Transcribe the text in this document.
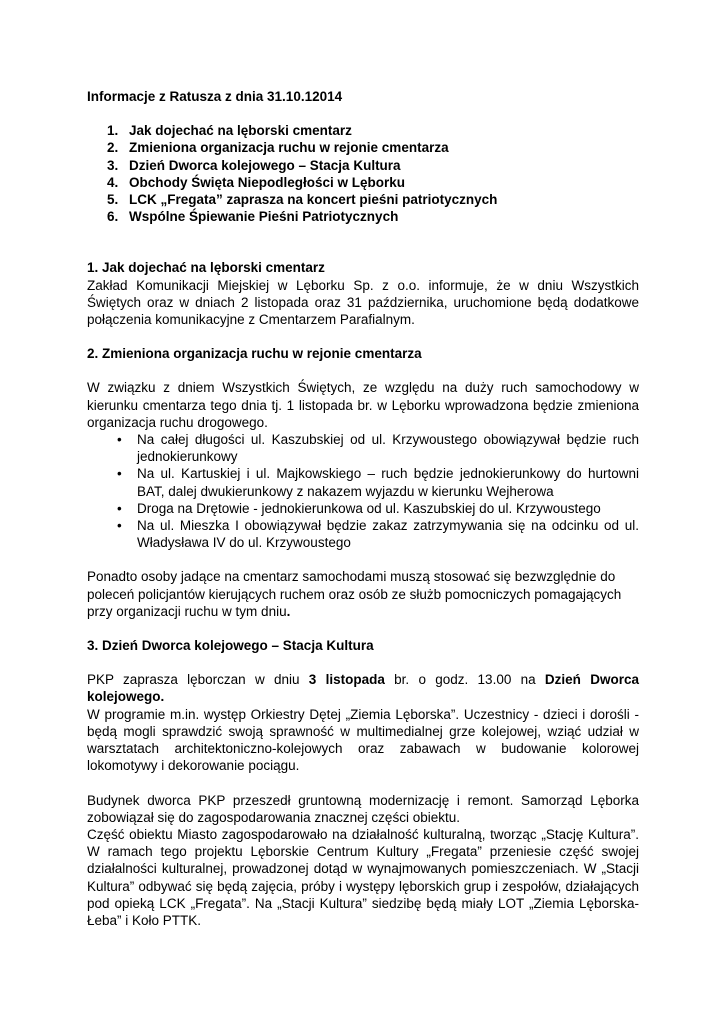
Informacje z Ratusza z dnia 31.10.12014

1. Jak dojechać na lęborski cmentarz
2. Zmieniona organizacja ruchu w rejonie cmentarza
3. Dzień Dworca kolejowego – Stacja Kultura
4. Obchody Święta Niepodległości w Lęborku
5. LCK „Fregata” zaprasza na koncert pieśni patriotycznych
6. Wspólne Śpiewanie Pieśni Patriotycznych

1. Jak dojechać na lęborski cmentarz

Zakład Komunikacji Miejskiej w Lęborku Sp. z o.o. informuje, że w dniu Wszystkich Świętych oraz w dniach 2 listopada oraz 31 października, uruchomione będą dodatkowe połączenia komunikacyjne z Cmentarzem Parafialnym.

2. Zmieniona organizacja ruchu w rejonie cmentarza

W związku z dniem Wszystkich Świętych, ze względu na duży ruch samochodowy w kierunku cmentarza tego dnia tj. 1 listopada br. w Lęborku wprowadzona będzie zmieniona organizacja ruchu drogowego.

• Na całej długości ul. Kaszubskiej od ul. Krzywoustego obowiązywał będzie ruch jednokierunkowy
• Na ul. Kartuskiej i ul. Majkowskiego – ruch będzie jednokierunkowy do hurtowni BAT, dalej dwukierunkowy z nakazem wyjazdu w kierunku Wejherowa
• Droga na Drętowie - jednokierunkowa od ul. Kaszubskiej do ul. Krzywoustego
• Na ul. Mieszka I obowiązywał będzie zakaz zatrzymywania się na odcinku od ul. Władysława IV do ul. Krzywoustego

Ponadto osoby jadące na cmentarz samochodami muszą stosować się bezwzględnie do poleceń policjantów kierujących ruchem oraz osób ze służb pomocniczych pomagających przy organizacji ruchu w tym dniu.

3. Dzień Dworca kolejowego – Stacja Kultura

PKP zaprasza lęborczan w dniu 3 listopada br. o godz. 13.00 na Dzień Dworca kolejowego.

W programie m.in. występ Orkiestry Dętej „Ziemia Lęborska”. Uczestnicy - dzieci i dorośli - będą mogli sprawdzić swoją sprawność w multimedialnej grze kolejowej, wziąć udział w warsztatach architektoniczno-kolejowych oraz zabawach w budowanie kolorowej lokomotywy i dekorowanie pociągu.

Budynek dworca PKP przeszedł gruntowną modernizację i remont. Samorząd Lęborka zobowiązał się do zagospodarowania znacznej części obiektu.

Część obiektu Miasto zagospodarowało na działalność kulturalną, tworząc „Stację Kultura”. W ramach tego projektu Lęborskie Centrum Kultury „Fregata” przeniesie część swojej działalności kulturalnej, prowadzonej dotąd w wynajmowanych pomieszczeniach. W „Stacji Kultura” odbywać się będą zajęcia, próby i występy lęborskich grup i zespołów, działających pod opieką LCK „Fregata”. Na „Stacji Kultura” siedzibę będą miały LOT „Ziemia Lęborska-Łeba” i Koło PTTK.
